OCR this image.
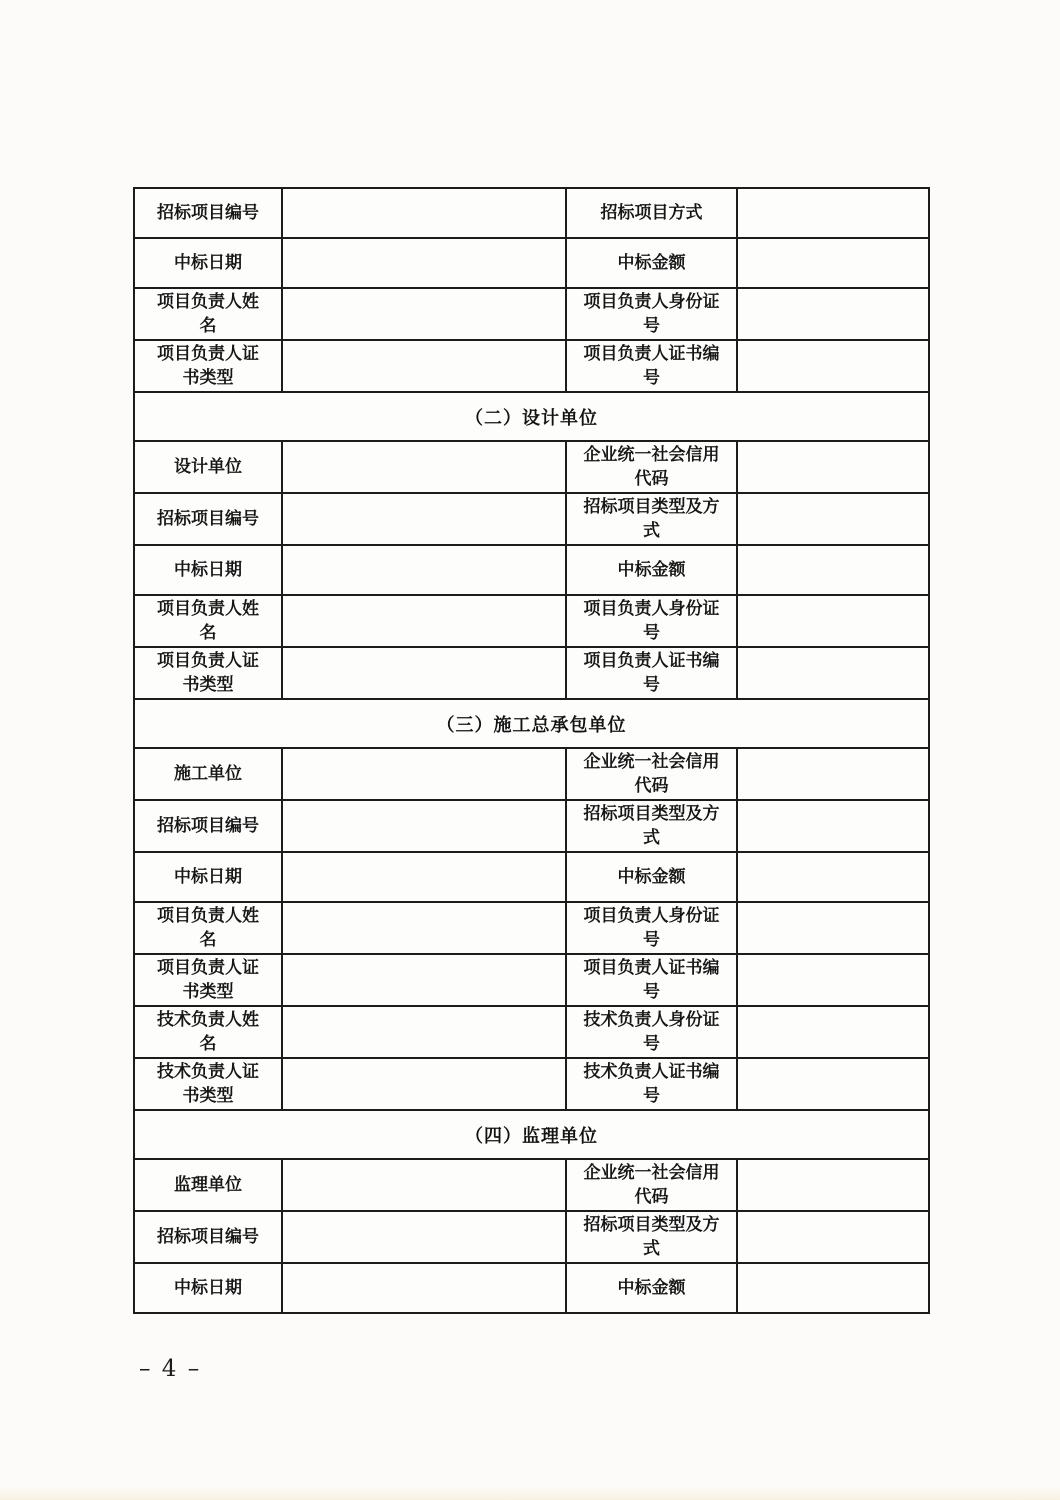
招标项目编号		招标项目方式	
中标日期		中标金额	
项目负责人姓名		项目负责人身份证号	
项目负责人证书类型		项目负责人证书编号	
（二）设计单位			
设计单位		企业统一社会信用代码	
招标项目编号		招标项目类型及方式	
中标日期		中标金额	
项目负责人姓名		项目负责人身份证号	
项目负责人证书类型		项目负责人证书编号	
（三）施工总承包单位			
施工单位		企业统一社会信用代码	
招标项目编号		招标项目类型及方式	
中标日期		中标金额	
项目负责人姓名		项目负责人身份证号	
项目负责人证书类型		项目负责人证书编号	
技术负责人姓名		技术负责人身份证号	
技术负责人证书类型		技术负责人证书编号	
（四）监理单位			
监理单位		企业统一社会信用代码	
招标项目编号		招标项目类型及方式	
中标日期		中标金额	
– 4 –
